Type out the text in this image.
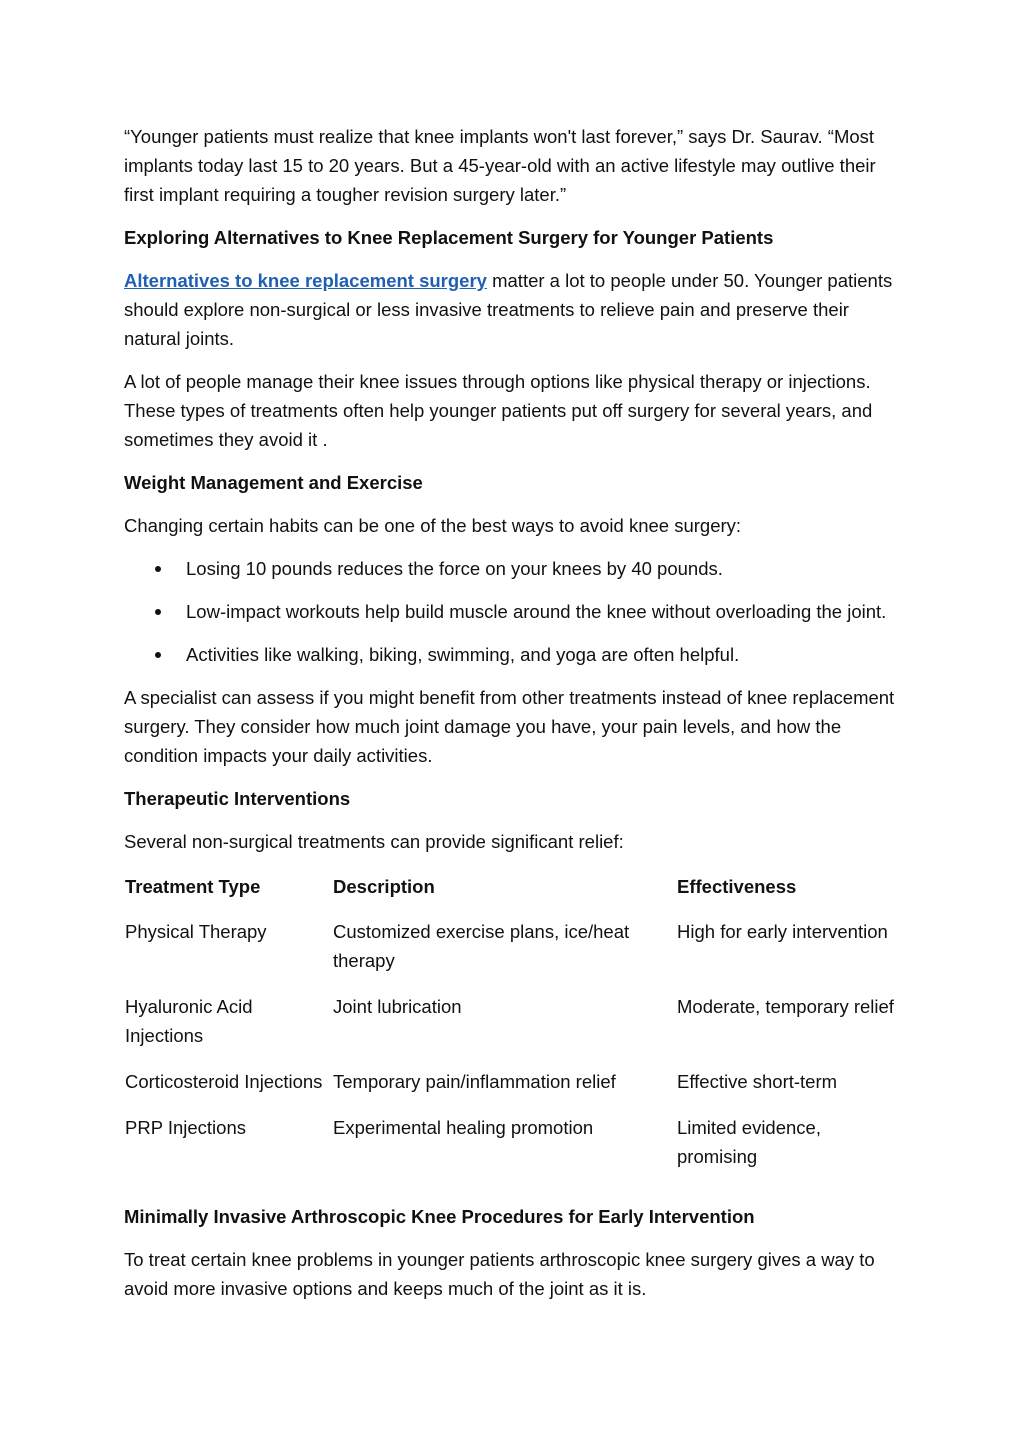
“Younger patients must realize that knee implants won't last forever,” says Dr. Saurav. “Most implants today last 15 to 20 years. But a 45-year-old with an active lifestyle may outlive their first implant requiring a tougher revision surgery later.”

Exploring Alternatives to Knee Replacement Surgery for Younger Patients

Alternatives to knee replacement surgery matter a lot to people under 50. Younger patients should explore non-surgical or less invasive treatments to relieve pain and preserve their natural joints.

A lot of people manage their knee issues through options like physical therapy or injections. These types of treatments often help younger patients put off surgery for several years, and sometimes they avoid it .

Weight Management and Exercise

Changing certain habits can be one of the best ways to avoid knee surgery:

Losing 10 pounds reduces the force on your knees by 40 pounds.
Low-impact workouts help build muscle around the knee without overloading the joint.
Activities like walking, biking, swimming, and yoga are often helpful.

A specialist can assess if you might benefit from other treatments instead of knee replacement surgery. They consider how much joint damage you have, your pain levels, and how the condition impacts your daily activities.

Therapeutic Interventions

Several non-surgical treatments can provide significant relief:

Treatment Type	Description	Effectiveness
Physical Therapy	Customized exercise plans, ice/heat therapy	High for early intervention
Hyaluronic Acid Injections	Joint lubrication	Moderate, temporary relief
Corticosteroid Injections	Temporary pain/inflammation relief	Effective short-term
PRP Injections	Experimental healing promotion	Limited evidence, promising

Minimally Invasive Arthroscopic Knee Procedures for Early Intervention

To treat certain knee problems in younger patients arthroscopic knee surgery gives a way to avoid more invasive options and keeps much of the joint as it is.
